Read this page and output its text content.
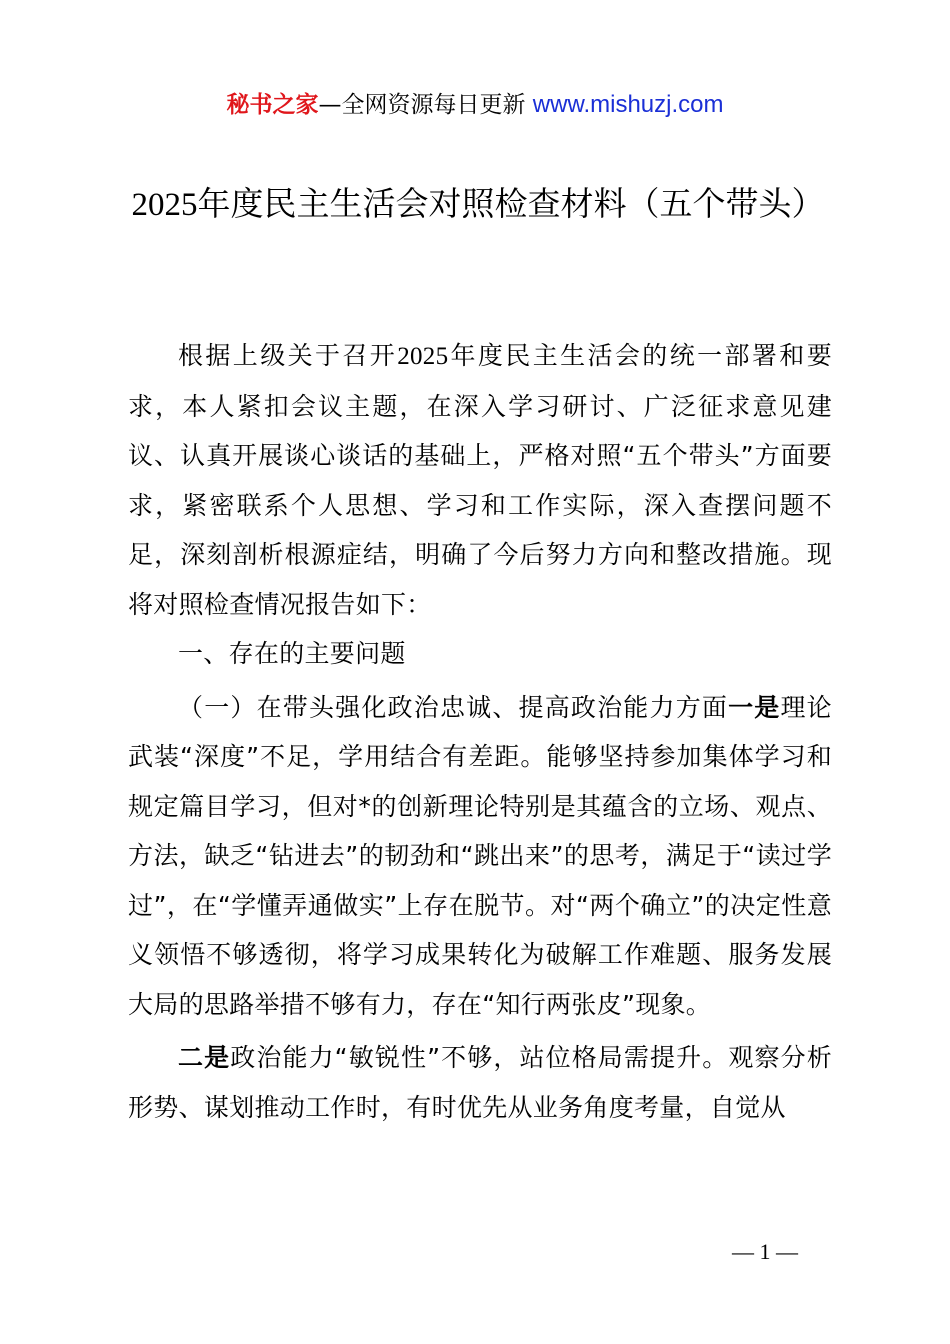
秘书之家—全网资源每日更新 www.mishuzj.com
2025年度民主生活会对照检查材料（五个带头）

根据上级关于召开2025年度民主生活会的统一部署和要求，本人紧扣会议主题，在深入学习研讨、广泛征求意见建议、认真开展谈心谈话的基础上，严格对照“五个带头”方面要求，紧密联系个人思想、学习和工作实际，深入查摆问题不足，深刻剖析根源症结，明确了今后努力方向和整改措施。现将对照检查情况报告如下：

一、存在的主要问题

（一）在带头强化政治忠诚、提高政治能力方面一是理论武装“深度”不足，学用结合有差距。能够坚持参加集体学习和规定篇目学习，但对*的创新理论特别是其蕴含的立场、观点、方法，缺乏“钻进去”的韧劲和“跳出来”的思考，满足于“读过学过”，在“学懂弄通做实”上存在脱节。对“两个确立”的决定性意义领悟不够透彻，将学习成果转化为破解工作难题、服务发展大局的思路举措不够有力，存在“知行两张皮”现象。

二是政治能力“敏锐性”不够，站位格局需提升。观察分析形势、谋划推动工作时，有时优先从业务角度考量，自觉从

— 1 —
